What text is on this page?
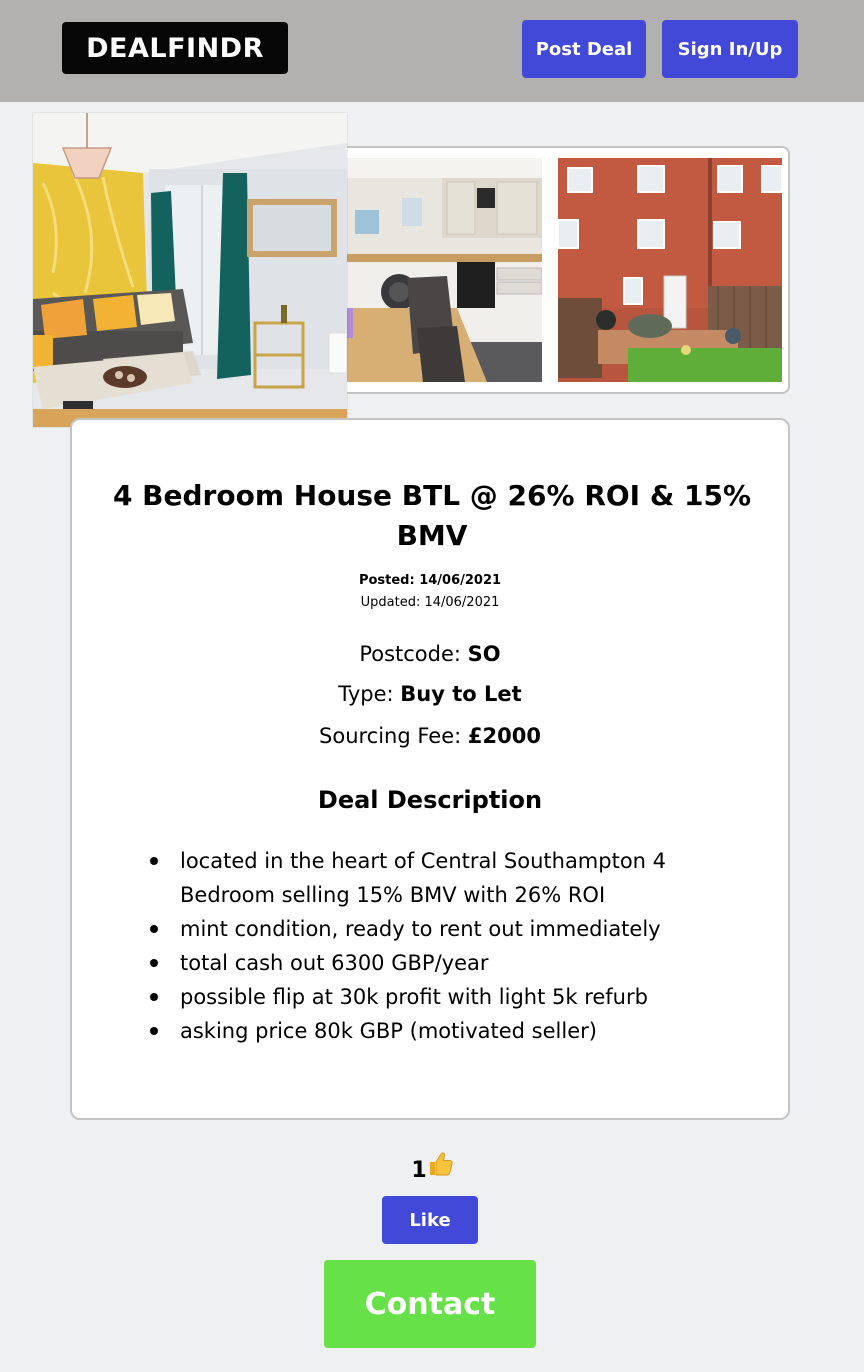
DEALFINDR	Post Deal	Sign In/Up
4 Bedroom House BTL @ 26% ROI & 15% BMV
Posted: 14/06/2021
Updated: 14/06/2021
Postcode: SO
Type: Buy to Let
Sourcing Fee: £2000
Deal Description
located in the heart of Central Southampton 4 Bedroom selling 15% BMV with 26% ROI
mint condition, ready to rent out immediately
total cash out 6300 GBP/year
possible flip at 30k profit with light 5k refurb
asking price 80k GBP (motivated seller)
1
Like
Contact
